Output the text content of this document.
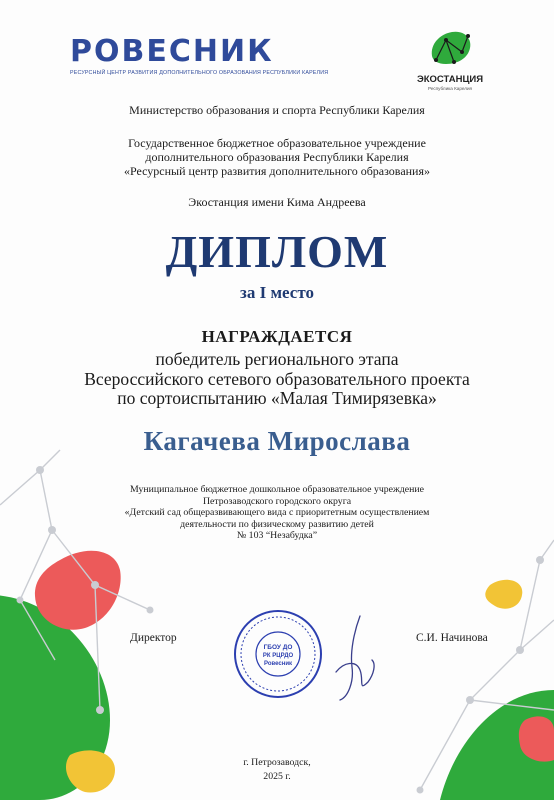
РОВЕСНИК
РЕСУРСНЫЙ ЦЕНТР РАЗВИТИЯ ДОПОЛНИТЕЛЬНОГО ОБРАЗОВАНИЯ РЕСПУБЛИКИ КАРЕЛИЯ
ЭКОСТАНЦИЯ
Республика Карелия
Министерство образования и спорта Республики Карелия
Государственное бюджетное образовательное учреждение
дополнительного образования Республики Карелия
«Ресурсный центр развития дополнительного образования»
Экостанция имени Кима Андреева
ДИПЛОМ
за I место
НАГРАЖДАЕТСЯ
победитель регионального этапа
Всероссийского сетевого образовательного проекта
по сортоиспытанию «Малая Тимирязевка»
Кагачева Мирослава
Муниципальное бюджетное дошкольное образовательное учреждение
Петрозаводского городского округа
«Детский сад общеразвивающего вида с приоритетным осуществлением
деятельности по физическому развитию детей
№ 103 “Незабудка”
Директор	С.И. Начинова
ГБОУ ДО
РК РЦРДО
Ровесник
г. Петрозаводск,
2025 г.
